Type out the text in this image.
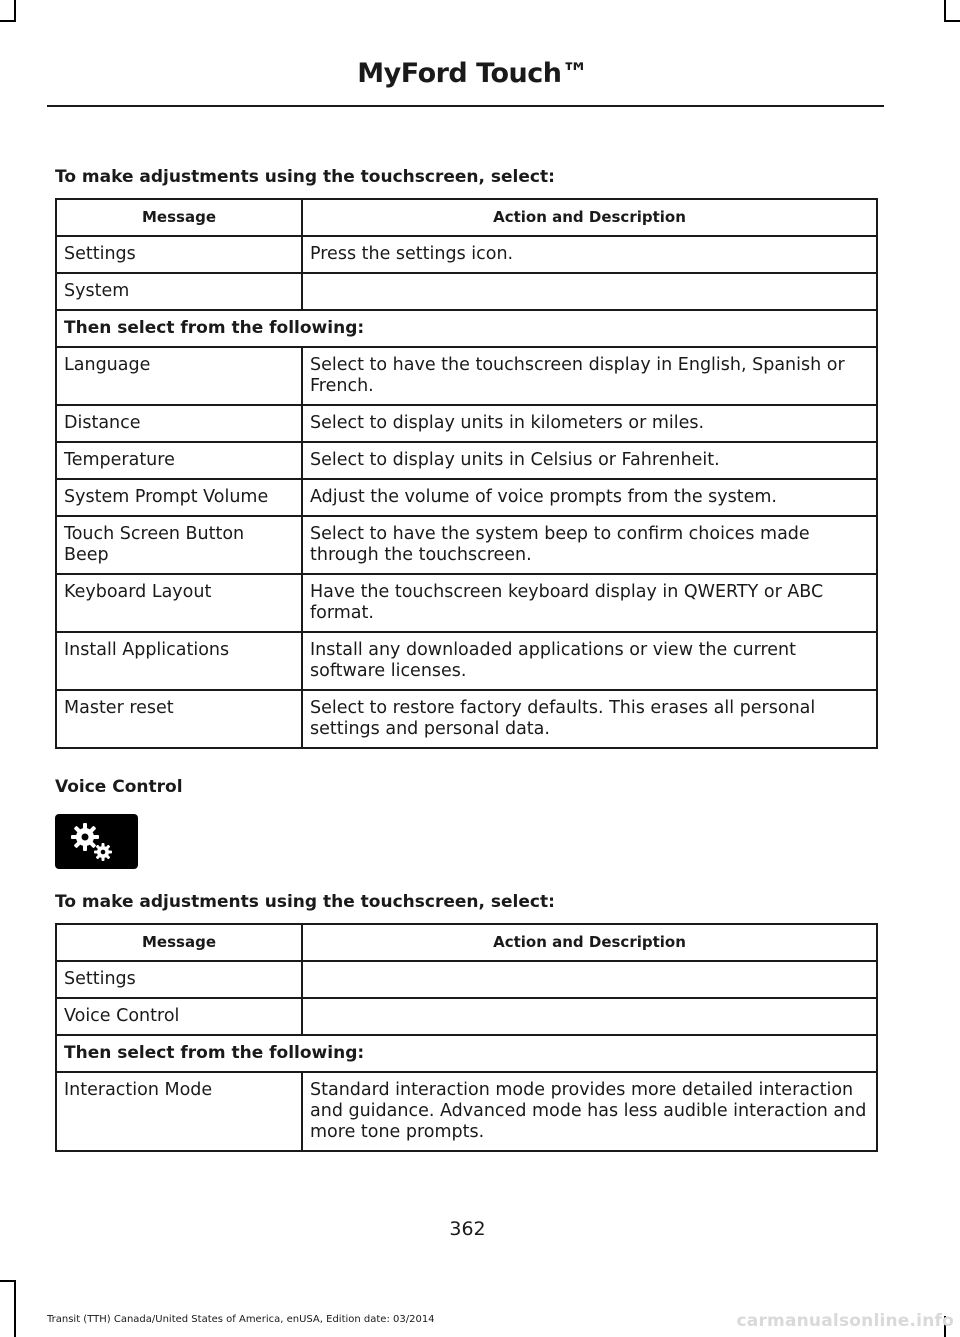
MyFord Touch™
To make adjustments using the touchscreen, select:
Message	Action and Description
Settings	Press the settings icon.
System	
Then select from the following:	
Language	Select to have the touchscreen display in English, Spanish or French.
Distance	Select to display units in kilometers or miles.
Temperature	Select to display units in Celsius or Fahrenheit.
System Prompt Volume	Adjust the volume of voice prompts from the system.
Touch Screen Button Beep	Select to have the system beep to confirm choices made through the touchscreen.
Keyboard Layout	Have the touchscreen keyboard display in QWERTY or ABC format.
Install Applications	Install any downloaded applications or view the current software licenses.
Master reset	Select to restore factory defaults. This erases all personal settings and personal data.
Voice Control
To make adjustments using the touchscreen, select:
Message	Action and Description
Settings	
Voice Control	
Then select from the following:	
Interaction Mode	Standard interaction mode provides more detailed interaction and guidance. Advanced mode has less audible interaction and more tone prompts.
362
Transit (TTH) Canada/United States of America, enUSA, Edition date: 03/2014	carmanualsonline.info
